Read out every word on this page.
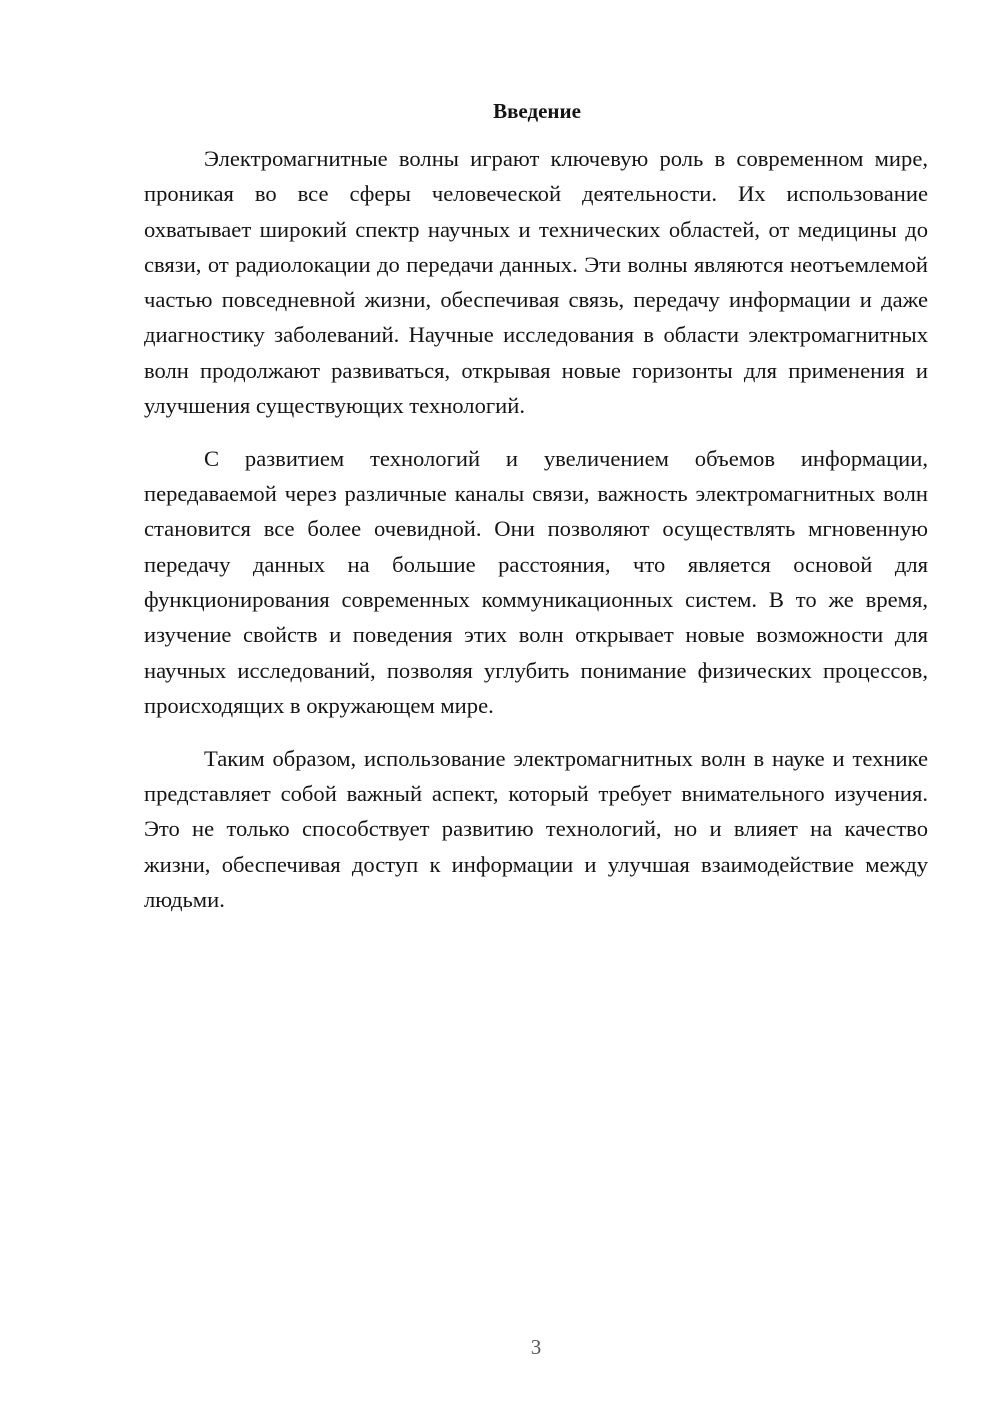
Введение

Электромагнитные волны играют ключевую роль в современном мире, проникая во все сферы человеческой деятельности. Их использование охватывает широкий спектр научных и технических областей, от медицины до связи, от радиолокации до передачи данных. Эти волны являются неотъемлемой частью повседневной жизни, обеспечивая связь, передачу информации и даже диагностику заболеваний. Научные исследования в области электромагнитных волн продолжают развиваться, открывая новые горизонты для применения и улучшения существующих технологий.

С развитием технологий и увеличением объемов информации, передаваемой через различные каналы связи, важность электромагнитных волн становится все более очевидной. Они позволяют осуществлять мгновенную передачу данных на большие расстояния, что является основой для функционирования современных коммуникационных систем. В то же время, изучение свойств и поведения этих волн открывает новые возможности для научных исследований, позволяя углубить понимание физических процессов, происходящих в окружающем мире.

Таким образом, использование электромагнитных волн в науке и технике представляет собой важный аспект, который требует внимательного изучения. Это не только способствует развитию технологий, но и влияет на качество жизни, обеспечивая доступ к информации и улучшая взаимодействие между людьми.

3
